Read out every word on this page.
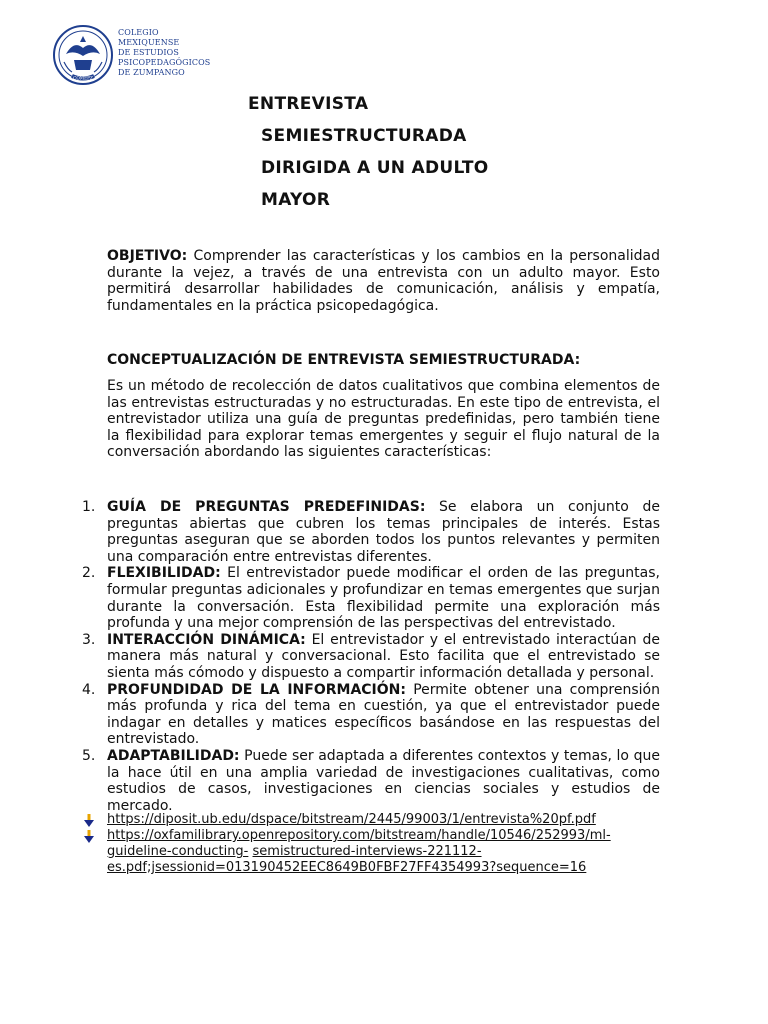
COMEPZ
COLEGIO
MEXIQUENSE
DE ESTUDIOS
PSICOPEDAGÓGICOS
DE ZUMPANGO
ENTREVISTA
SEMIESTRUCTURADA
DIRIGIDA A UN ADULTO
MAYOR
OBJETIVO: Comprender las características y los cambios en la personalidad durante la vejez, a través de una entrevista con un adulto mayor. Esto permitirá desarrollar habilidades de comunicación, análisis y empatía, fundamentales en la práctica psicopedagógica.
CONCEPTUALIZACIÓN DE ENTREVISTA SEMIESTRUCTURADA:
Es un método de recolección de datos cualitativos que combina elementos de las entrevistas estructuradas y no estructuradas. En este tipo de entrevista, el entrevistador utiliza una guía de preguntas predefinidas, pero también tiene la flexibilidad para explorar temas emergentes y seguir el flujo natural de la conversación abordando las siguientes características:
1. GUÍA DE PREGUNTAS PREDEFINIDAS: Se elabora un conjunto de preguntas abiertas que cubren los temas principales de interés. Estas preguntas aseguran que se aborden todos los puntos relevantes y permiten una comparación entre entrevistas diferentes.
2. FLEXIBILIDAD: El entrevistador puede modificar el orden de las preguntas, formular preguntas adicionales y profundizar en temas emergentes que surjan durante la conversación. Esta flexibilidad permite una exploración más profunda y una mejor comprensión de las perspectivas del entrevistado.
3. INTERACCIÓN DINÁMICA: El entrevistador y el entrevistado interactúan de manera más natural y conversacional. Esto facilita que el entrevistado se sienta más cómodo y dispuesto a compartir información detallada y personal.
4. PROFUNDIDAD DE LA INFORMACIÓN: Permite obtener una comprensión más profunda y rica del tema en cuestión, ya que el entrevistador puede indagar en detalles y matices específicos basándose en las respuestas del entrevistado.
5. ADAPTABILIDAD: Puede ser adaptada a diferentes contextos y temas, lo que la hace útil en una amplia variedad de investigaciones cualitativas, como estudios de casos, investigaciones en ciencias sociales y estudios de mercado.
https://diposit.ub.edu/dspace/bitstream/2445/99003/1/entrevista%20pf.pdf
https://oxfamilibrary.openrepository.com/bitstream/handle/10546/252993/ml-guideline-conducting- semistructured-interviews-221112-es.pdf;jsessionid=013190452EEC8649B0FBF27FF4354993?sequence=16
